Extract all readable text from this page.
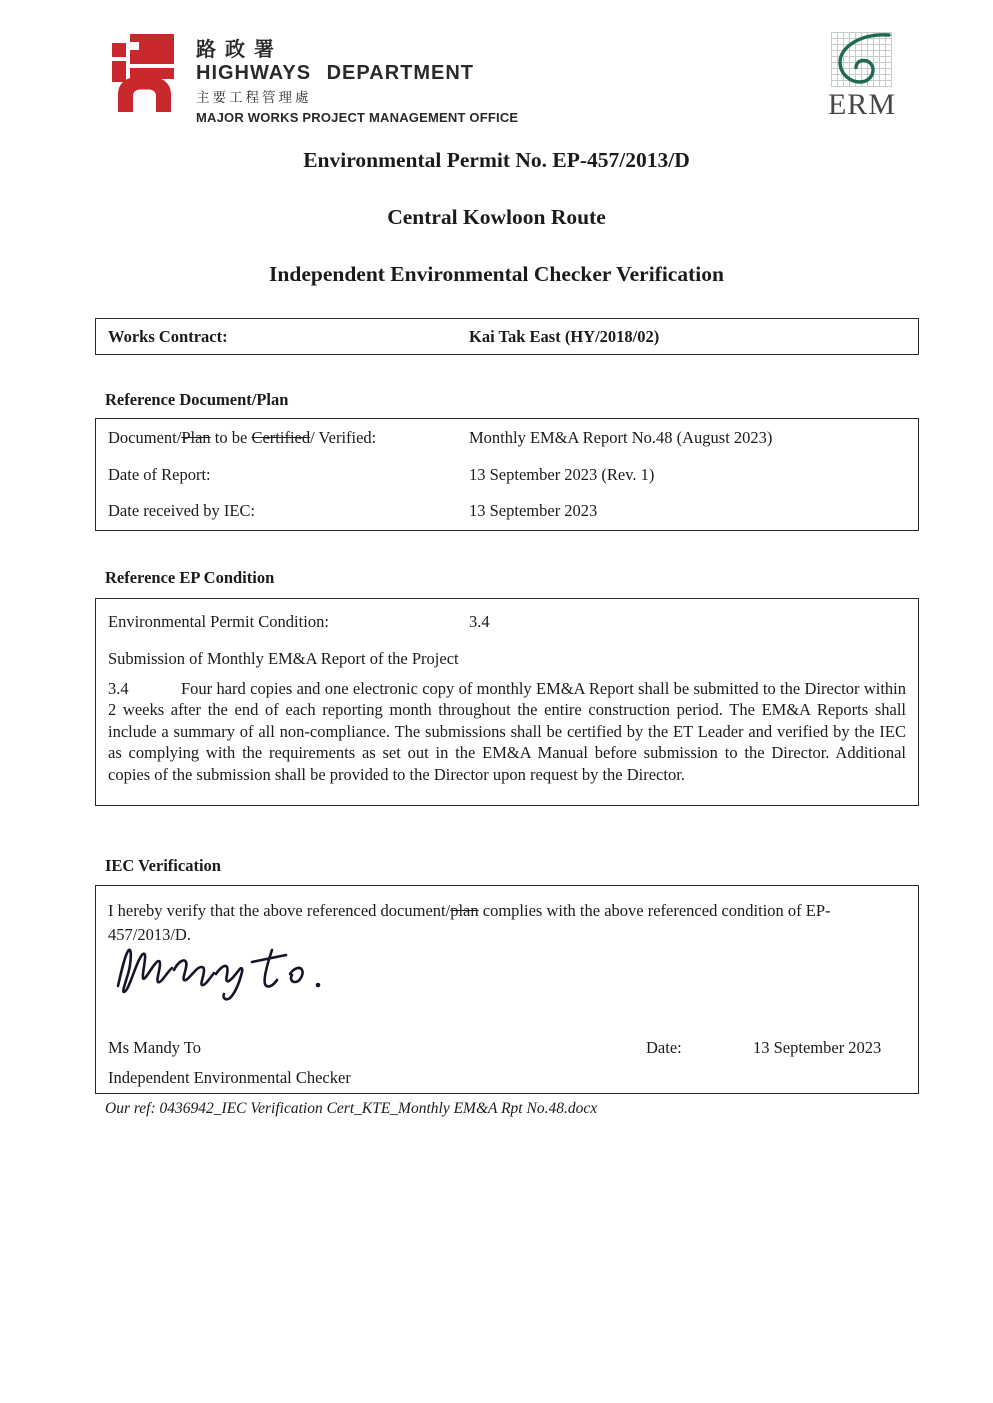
路政署
HIGHWAYS DEPARTMENT
主要工程管理處
MAJOR WORKS PROJECT MANAGEMENT OFFICE	ERM
Environmental Permit No. EP-457/2013/D
Central Kowloon Route
Independent Environmental Checker Verification
Works Contract:	Kai Tak East (HY/2018/02)
Reference Document/Plan
Document/Plan to be Certified/ Verified:	Monthly EM&A Report No.48 (August 2023)
Date of Report:	13 September 2023 (Rev. 1)
Date received by IEC:	13 September 2023
Reference EP Condition
Environmental Permit Condition:	3.4

Submission of Monthly EM&A Report of the Project

3.4	Four hard copies and one electronic copy of monthly EM&A Report shall be submitted to the Director within 2 weeks after the end of each reporting month throughout the entire construction period. The EM&A Reports shall include a summary of all non-compliance. The submissions shall be certified by the ET Leader and verified by the IEC as complying with the requirements as set out in the EM&A Manual before submission to the Director. Additional copies of the submission shall be provided to the Director upon request by the Director.

IEC Verification

I hereby verify that the above referenced document/plan complies with the above referenced condition of EP-457/2013/D.

Ms Mandy To	Date:	13 September 2023
Independent Environmental Checker

Our ref: 0436942_IEC Verification Cert_KTE_Monthly EM&A Rpt No.48.docx
